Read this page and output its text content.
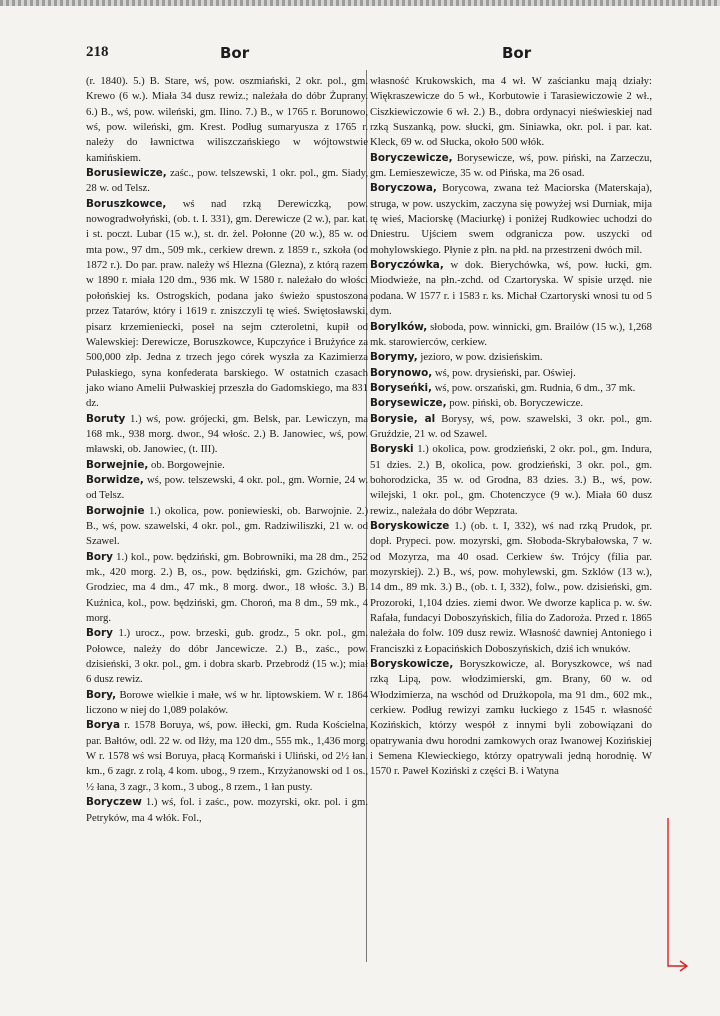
218	Bor	Bor

(r. 1840). 5.) B. Stare, wś, pow. oszmiański, 2 okr. pol., gm. Krewo (6 w.). Miała 34 dusz rewiz.; należała do dóbr Żuprany. 6.) B., wś, pow. wileński, gm. Ilino. 7.) B., w 1765 r. Borunowo, wś, pow. wileński, gm. Krest. Podług sumaryusza z 1765 r. należy do ławnictwa wiliszczańskiego w wójtowstwie kamińskiem.

Borusiewicze, zaśc., pow. telszewski, 1 okr. pol., gm. Siady, 28 w. od Telsz.

Boruszkowce, wś nad rzką Derewiczką, pow. nowogradwołyński, (ob. t. I. 331), gm. Derewicze (2 w.), par. kat. i st. poczt. Lubar (15 w.), st. dr. żel. Połonne (20 w.), 85 w. od mta pow., 97 dm., 509 mk., cerkiew drewn. z 1859 r., szkoła (od 1872 r.). Do par. praw. należy wś Hlezna (Glezna), z którą razem w 1890 r. miała 120 dm., 936 mk. W 1580 r. należało do włości połońskiej ks. Ostrogskich, podana jako świeżo spustoszona przez Tatarów, który i 1619 r. zniszczyli tę wieś. Swiętosławski, pisarz krzemieniecki, poseł na sejm czteroletni, kupił od Walewskiej: Derewicze, Boruszkowce, Kupczyńce i Brużyńce za 500,000 złp. Jedna z trzech jego córek wyszła za Kazimierza Pułaskiego, syna konfederata barskiego. W ostatnich czasach jako wiano Amelii Pułwaskiej przeszła do Gadomskiego, ma 831 dz.

Boruty 1.) wś, pow. grójecki, gm. Belsk, par. Lewiczyn, ma 168 mk., 938 morg. dwor., 94 włośc. 2.) B. Janowiec, wś, pow. mławski, ob. Janowiec, (t. III).

Borwejnie, ob. Borgowejnie.

Borwidze, wś, pow. telszewski, 4 okr. pol., gm. Wornie, 24 w. od Telsz.

Borwojnie 1.) okolica, pow. poniewieski, ob. Barwojnie. 2.) B., wś, pow. szawelski, 4 okr. pol., gm. Radziwiliszki, 21 w. od Szawel.

Bory 1.) kol., pow. będziński, gm. Bobrowniki, ma 28 dm., 252 mk., 420 morg. 2.) B, os., pow. będziński, gm. Gzichów, par. Grodziec, ma 4 dm., 47 mk., 8 morg. dwor., 18 włośc. 3.) B. Kuźnica, kol., pow. będziński, gm. Choroń, ma 8 dm., 59 mk., 4 morg.

Bory 1.) urocz., pow. brzeski, gub. grodz., 5 okr. pol., gm. Połowce, należy do dóbr Jancewicze. 2.) B., zaśc., pow. dzisieński, 3 okr. pol., gm. i dobra skarb. Przebrodź (15 w.); miał 6 dusz rewiz.

Bory, Borowe wielkie i małe, wś w hr. liptowskiem. W r. 1864 liczono w niej do 1,089 polaków.

Borya r. 1578 Boruya, wś, pow. iłłecki, gm. Ruda Kościelna, par. Bałtów, odl. 22 w. od Iłży, ma 120 dm., 555 mk., 1,436 morg. W r. 1578 wś wsi Boruya, płacą Kormański i Uliński, od 2½ łan. km., 6 zagr. z rolą, 4 kom. ubog., 9 rzem., Krzyżanowski od 1 os., ½ łana, 3 zagr., 3 kom., 3 ubog., 8 rzem., 1 łan pusty.

Boryczew 1.) wś, fol. i zaśc., pow. mozyrski, okr. pol. i gm. Petryków, ma 4 włók. Fol.,

własność Krukowskich, ma 4 wł. W zaścianku mają działy: Więkraszewicze do 5 wł., Korbutowie i Tarasiewiczowie 2 wł., Ciszkiewiczowie 6 wł. 2.) B., dobra ordynacyi nieświeskiej nad rzką Suszanką, pow. słucki, gm. Siniawka, okr. pol. i par. kat. Kleck, 69 w. od Słucka, około 500 włók.

Boryczewicze, Borysewicze, wś, pow. piński, na Zarzeczu, gm. Lemieszewicze, 35 w. od Pińska, ma 26 osad.

Boryczowa, Borycowa, zwana też Maciorska (Materskaja), struga, w pow. uszyckim, zaczyna się powyżej wsi Durniak, mija tę wieś, Maciorskę (Maciurkę) i poniżej Rudkowiec uchodzi do Dniestru. Ujściem swem odgranicza pow. uszycki od mohylowskiego. Płynie z płn. na płd. na przestrzeni dwóch mil.

Boryczówka, w dok. Bierychówka, wś, pow. łucki, gm. Miodwieże, na płn.-zchd. od Czartoryska. W spisie urzęd. nie podana. W 1577 r. i 1583 r. ks. Michał Czartoryski wnosi tu od 5 dym.

Borylków, słoboda, pow. winnicki, gm. Brailów (15 w.), 1,268 mk. starowierców, cerkiew.

Borymy, jezioro, w pow. dzisieńskim.

Borynowo, wś, pow. drysieński, par. Oświej.

Boryseńki, wś, pow. orszański, gm. Rudnia, 6 dm., 37 mk.

Borysewicze, pow. piński, ob. Boryczewicze.

Borysie, al Borysy, wś, pow. szawelski, 3 okr. pol., gm. Gruździe, 21 w. od Szawel.

Boryski 1.) okolica, pow. grodzieński, 2 okr. pol., gm. Indura, 51 dzies. 2.) B, okolica, pow. grodzieński, 3 okr. pol., gm. bohorodzicka, 35 w. od Grodna, 83 dzies. 3.) B., wś, pow. wilejski, 1 okr. pol., gm. Chotenczyce (9 w.). Miała 60 dusz rewiz., należała do dóbr Wepzrata.

Boryskowicze 1.) (ob. t. I, 332), wś nad rzką Prudok, pr. dopł. Prypeci. pow. mozyrski, gm. Słoboda-Skrybałowska, 7 w. od Mozyrza, ma 40 osad. Cerkiew św. Trójcy (filia par. mozyrskiej). 2.) B., wś, pow. mohylewski, gm. Szklów (13 w.), 14 dm., 89 mk. 3.) B., (ob. t. I, 332), folw., pow. dzisieński, gm. Prozoroki, 1,104 dzies. ziemi dwor. We dworze kaplica p. w. św. Rafała, fundacyi Doboszyńskich, filia do Zadoroża. Przed r. 1865 należała do folw. 109 dusz rewiz. Własność dawniej Antoniego i Franciszki z Łopacińskich Doboszyńskich, dziś ich wnuków.

Boryskowicze, Boryszkowicze, al. Boryszkowce, wś nad rzką Lipą, pow. włodzimierski, gm. Brany, 60 w. od Włodzimierza, na wschód od Drużkopola, ma 91 dm., 602 mk., cerkiew. Podług rewizyi zamku łuckiego z 1545 r. własność Kozińskich, którzy wespół z innymi byli zobowiązani do opatrywania dwu horodni zamkowych oraz Iwanowej Kozińskiej i Semena Klewieckiego, którzy opatrywali jedną horodnię. W 1570 r. Paweł Koziński z części B. i Watyna
